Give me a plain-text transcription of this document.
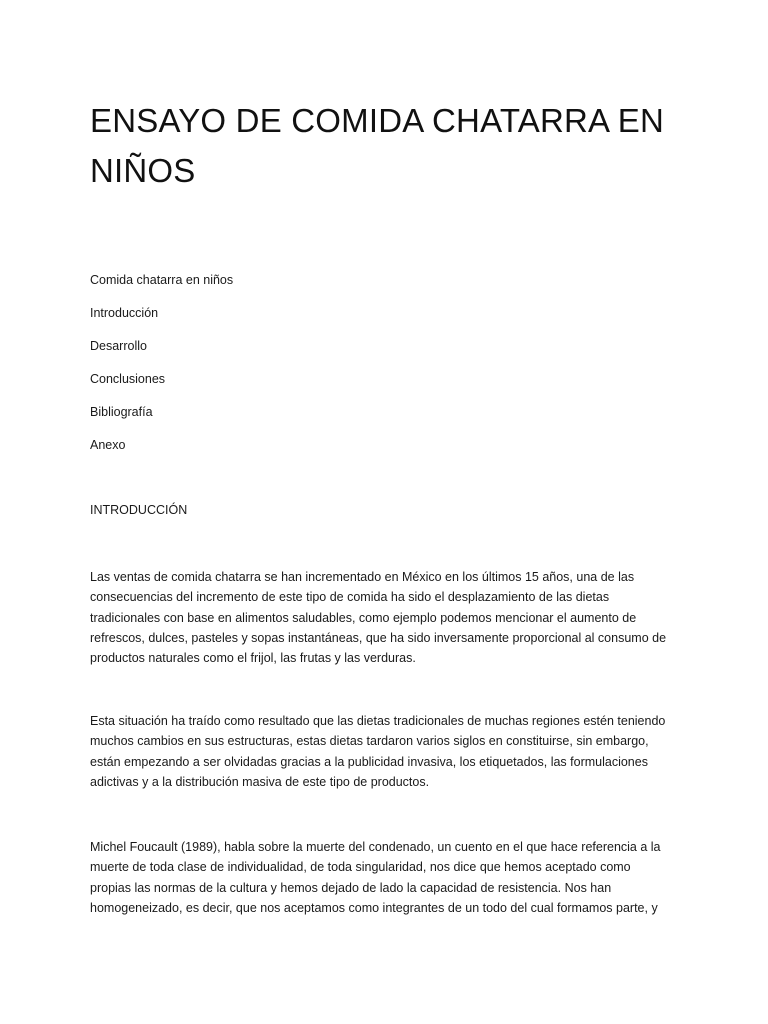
ENSAYO DE COMIDA CHATARRA EN NIÑOS
Comida chatarra en niños
Introducción
Desarrollo
Conclusiones
Bibliografía
Anexo
INTRODUCCIÓN

Las ventas de comida chatarra se han incrementado en México en los últimos 15 años, una de las
consecuencias del incremento de este tipo de comida ha sido el desplazamiento de las dietas
tradicionales con base en alimentos saludables, como ejemplo podemos mencionar el aumento de
refrescos, dulces, pasteles y sopas instantáneas, que ha sido inversamente proporcional al consumo de
productos naturales como el frijol, las frutas y las verduras.

Esta situación ha traído como resultado que las dietas tradicionales de muchas regiones estén teniendo
muchos cambios en sus estructuras, estas dietas tardaron varios siglos en constituirse, sin embargo,
están empezando a ser olvidadas gracias a la publicidad invasiva, los etiquetados, las formulaciones
adictivas y a la distribución masiva de este tipo de productos.

Michel Foucault (1989), habla sobre la muerte del condenado, un cuento en el que hace referencia a la
muerte de toda clase de individualidad, de toda singularidad, nos dice que hemos aceptado como
propias las normas de la cultura y hemos dejado de lado la capacidad de resistencia. Nos han
homogeneizado, es decir, que nos aceptamos como integrantes de un todo del cual formamos parte, y
